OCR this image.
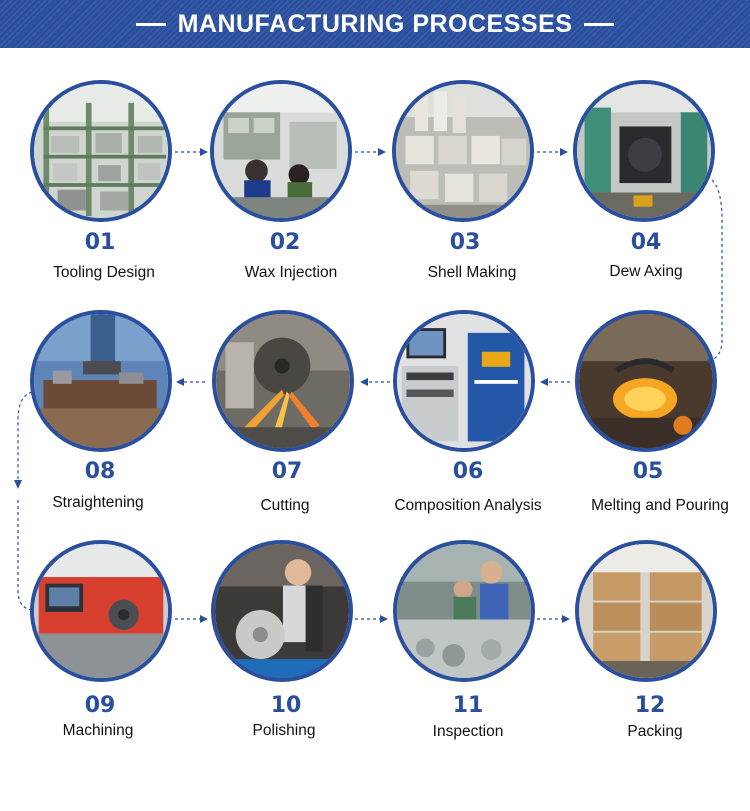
MANUFACTURING PROCESSES
01
Tooling Design
02
Wax Injection
03
Shell Making
04
Dew Axing
08
Straightening
07
Cutting
06
Composition Analysis
05
Melting and Pouring
09
Machining
10
Polishing
11
Inspection
12
Packing
